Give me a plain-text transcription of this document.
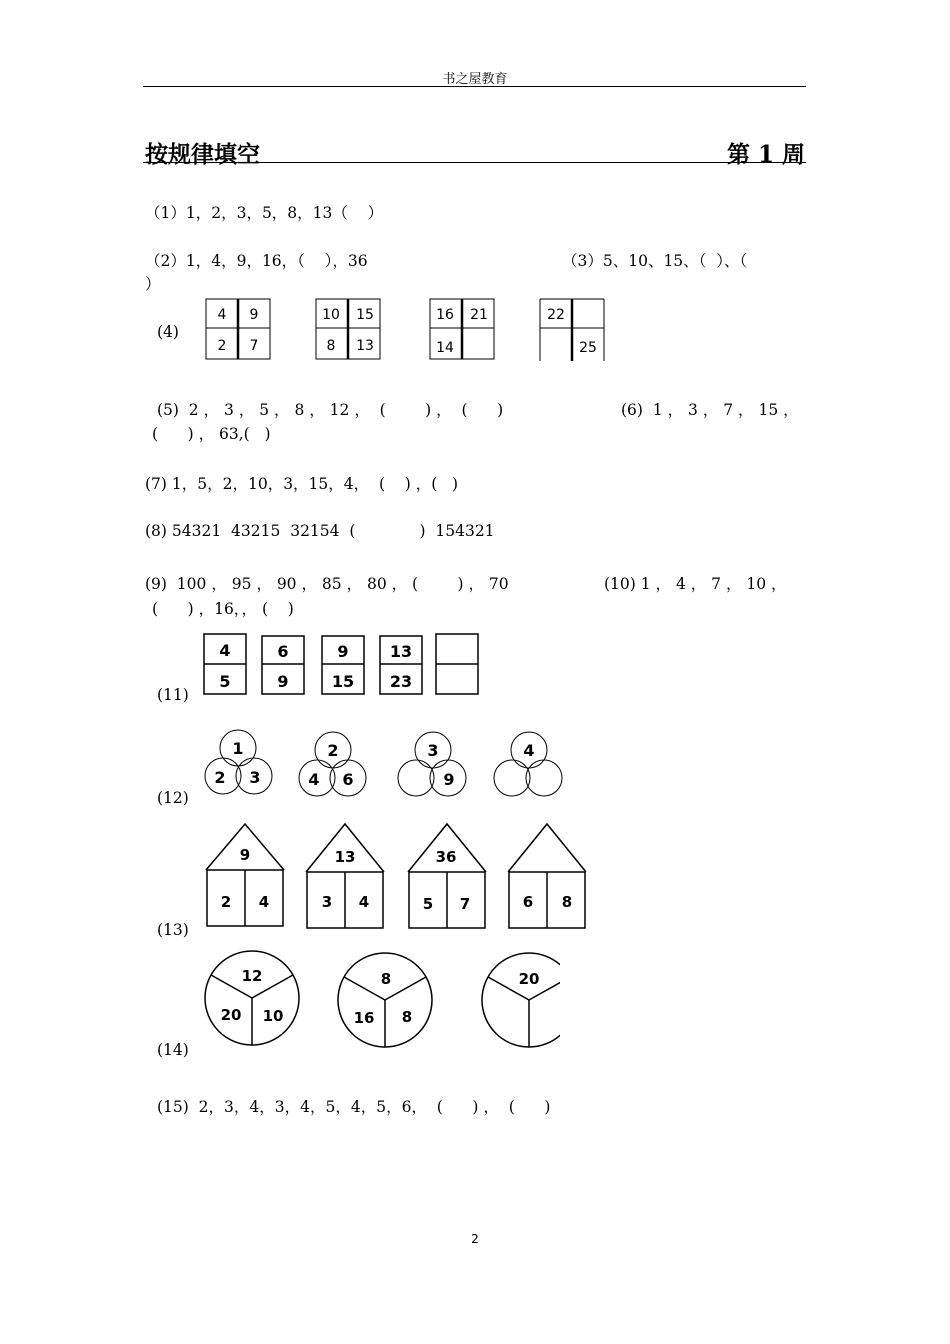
书之屋教育
按规律填空	第 1 周
（1）1，2，3，5，8，13（    ）
（2）1，4，9，16，（    ），36	（3）5、10、15、（  ）、（
）
(4)
4 9
2 7
10 15
8 13
16 21
14
22
25
(5)  2 ， 3 ， 5 ， 8 ， 12 ，  (        ) ，  (      )	(6)  1 ， 3 ， 7 ， 15 ，
(      ) ， 63,(   )
(7) 1，5，2，10，3，15，4，  (    ) ，(   )
(8) 54321  43215  32154  (             )  154321
(9)  100 ， 95 ， 90 ， 85 ， 80 ， (        ) ， 70	(10) 1 ， 4 ， 7 ， 10 ，
(      ) ，16，， (    )
(11)
4
5
6
9
9
15
13
23
(12)
1
2 3
2
4 6
3
9
4
(13)
9
2 4
13
3 4
36
5 7	6 8
(14)
12
20 10
8
16 8
20
(15)  2，3，4，3，4，5，4，5，6，  (      ) ，  (      )
2
